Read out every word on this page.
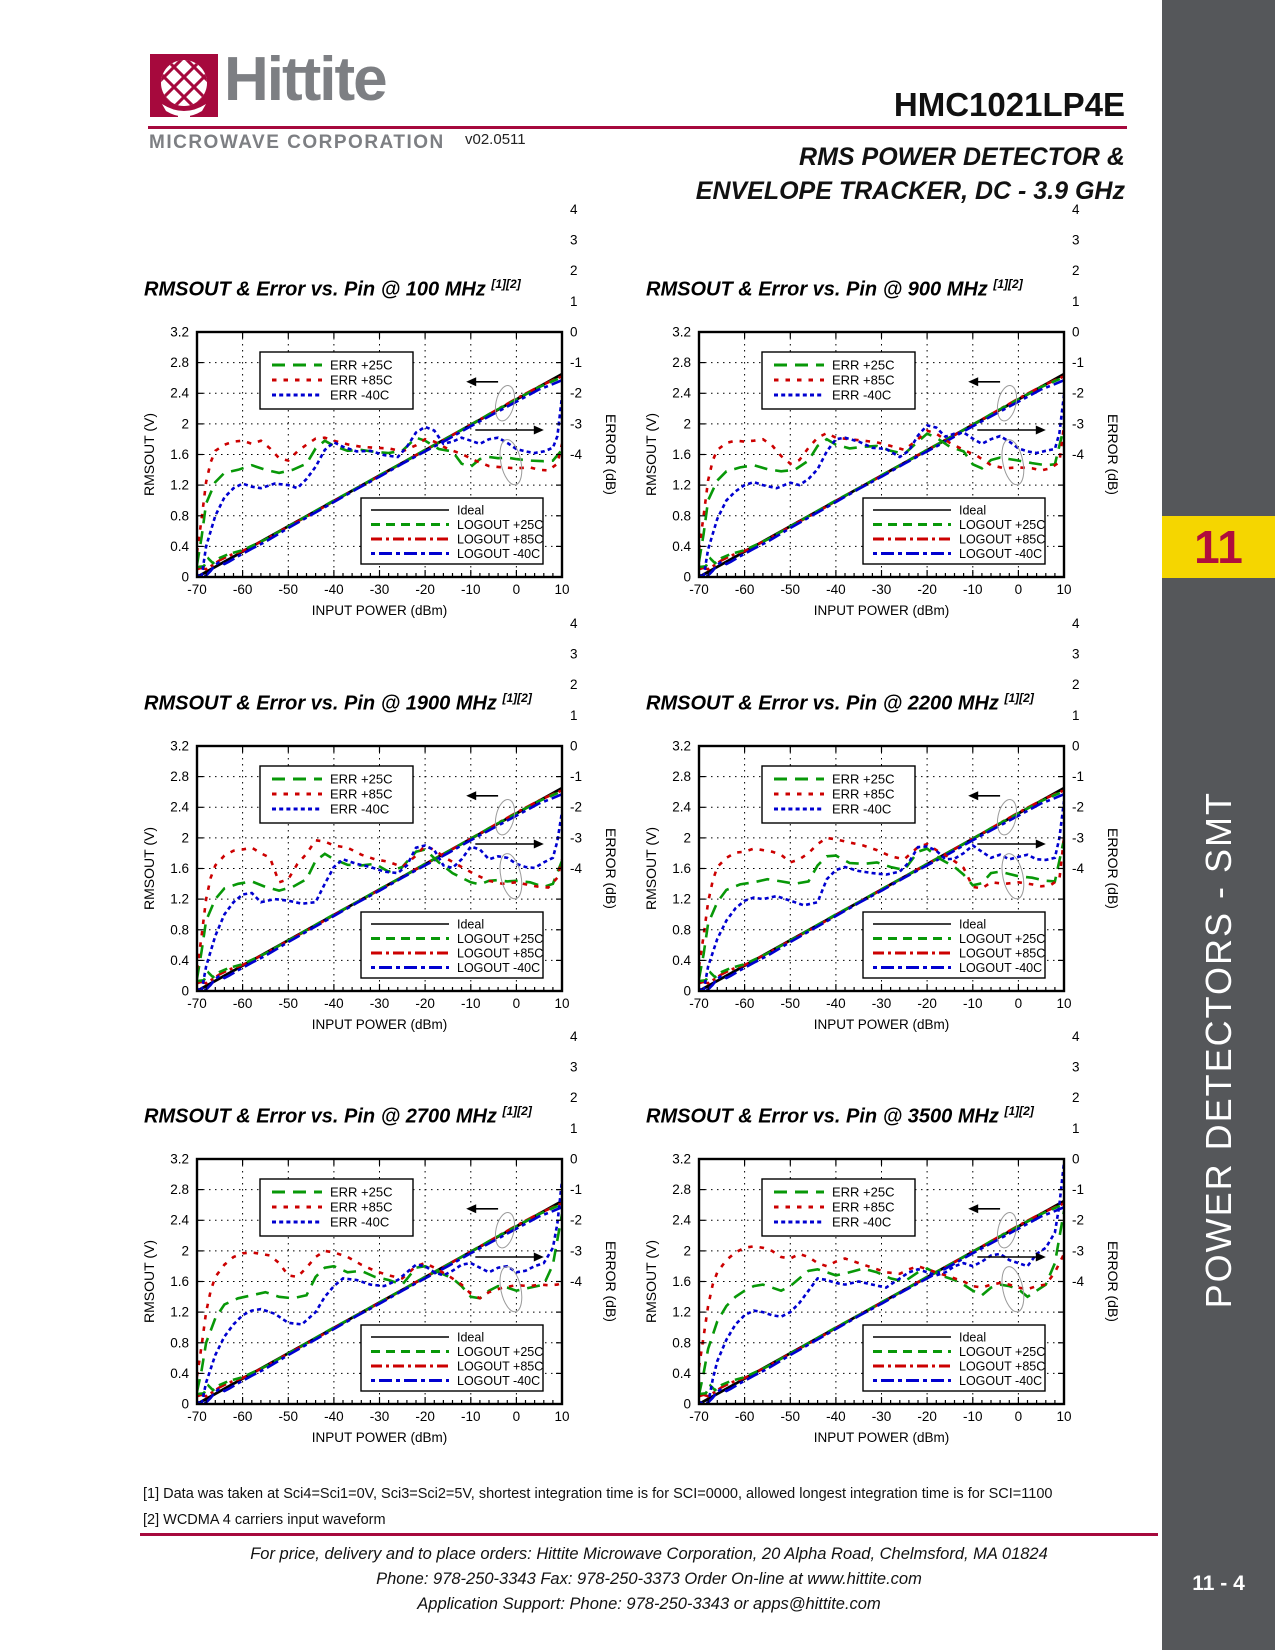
Hittite
MICROWAVE CORPORATION v02.0511
HMC1021LP4E
RMS POWER DETECTOR &
ENVELOPE TRACKER, DC - 3.9 GHz
11
POWER DETECTORS - SMT
11 - 4
RMSOUT & Error vs. Pin @ 100 MHz [1][2]
0
0.4
0.8
1.2
1.6
2
2.4
2.8
3.2
-4
-3
-2
-1
0
1
2
3
4
-70 -60 -50 -40 -30 -20 -10 0	10
INPUT POWER (dBm)
RMSOUT (V)	ERROR (dB)
ERR +25C
ERR +85C
ERR -40C
Ideal
LOGOUT +25C
LOGOUT +85C
LOGOUT -40C
RMSOUT & Error vs. Pin @ 900 MHz [1][2]
0
0.4
0.8
1.2
1.6
2
2.4
2.8
3.2
-4
-3
-2
-1
0
1
2
3
4
-70 -60 -50 -40 -30 -20 -10 0	10
INPUT POWER (dBm)
RMSOUT (V)	ERROR (dB)
ERR +25C
ERR +85C
ERR -40C
Ideal
LOGOUT +25C
LOGOUT +85C
LOGOUT -40C
RMSOUT & Error vs. Pin @ 1900 MHz [1][2]
0
0.4
0.8
1.2
1.6
2
2.4
2.8
3.2
-4
-3
-2
-1
0
1
2
3
4
-70 -60 -50 -40 -30 -20 -10 0	10
INPUT POWER (dBm)
RMSOUT (V)	ERROR (dB)
ERR +25C
ERR +85C
ERR -40C
Ideal
LOGOUT +25C
LOGOUT +85C
LOGOUT -40C
RMSOUT & Error vs. Pin @ 2200 MHz [1][2]
0
0.4
0.8
1.2
1.6
2
2.4
2.8
3.2
-4
-3
-2
-1
0
1
2
3
4
-70 -60 -50 -40 -30 -20 -10 0	10
INPUT POWER (dBm)
RMSOUT (V)	ERROR (dB)
ERR +25C
ERR +85C
ERR -40C
Ideal
LOGOUT +25C
LOGOUT +85C
LOGOUT -40C
RMSOUT & Error vs. Pin @ 2700 MHz [1][2]
0
0.4
0.8
1.2
1.6
2
2.4
2.8
3.2
-4
-3
-2
-1
0
1
2
3
4
-70 -60 -50 -40 -30 -20 -10 0	10
INPUT POWER (dBm)
RMSOUT (V)	ERROR (dB)
ERR +25C
ERR +85C
ERR -40C
Ideal
LOGOUT +25C
LOGOUT +85C
LOGOUT -40C
RMSOUT & Error vs. Pin @ 3500 MHz [1][2]
0
0.4
0.8
1.2
1.6
2
2.4
2.8
3.2
-4
-3
-2
-1
0
1
2
3
4
-70 -60 -50 -40 -30 -20 -10 0	10
INPUT POWER (dBm)
RMSOUT (V)	ERROR (dB)
ERR +25C
ERR +85C
ERR -40C
Ideal
LOGOUT +25C
LOGOUT +85C
LOGOUT -40C
[1] Data was taken at Sci4=Sci1=0V, Sci3=Sci2=5V, shortest integration time is for SCI=0000, allowed longest integration time is for SCI=1100
[2] WCDMA 4 carriers input waveform
For price, delivery and to place orders: Hittite Microwave Corporation, 20 Alpha Road, Chelmsford, MA 01824
Phone: 978-250-3343 Fax: 978-250-3373 Order On-line at www.hittite.com
Application Support: Phone: 978-250-3343 or apps@hittite.com
